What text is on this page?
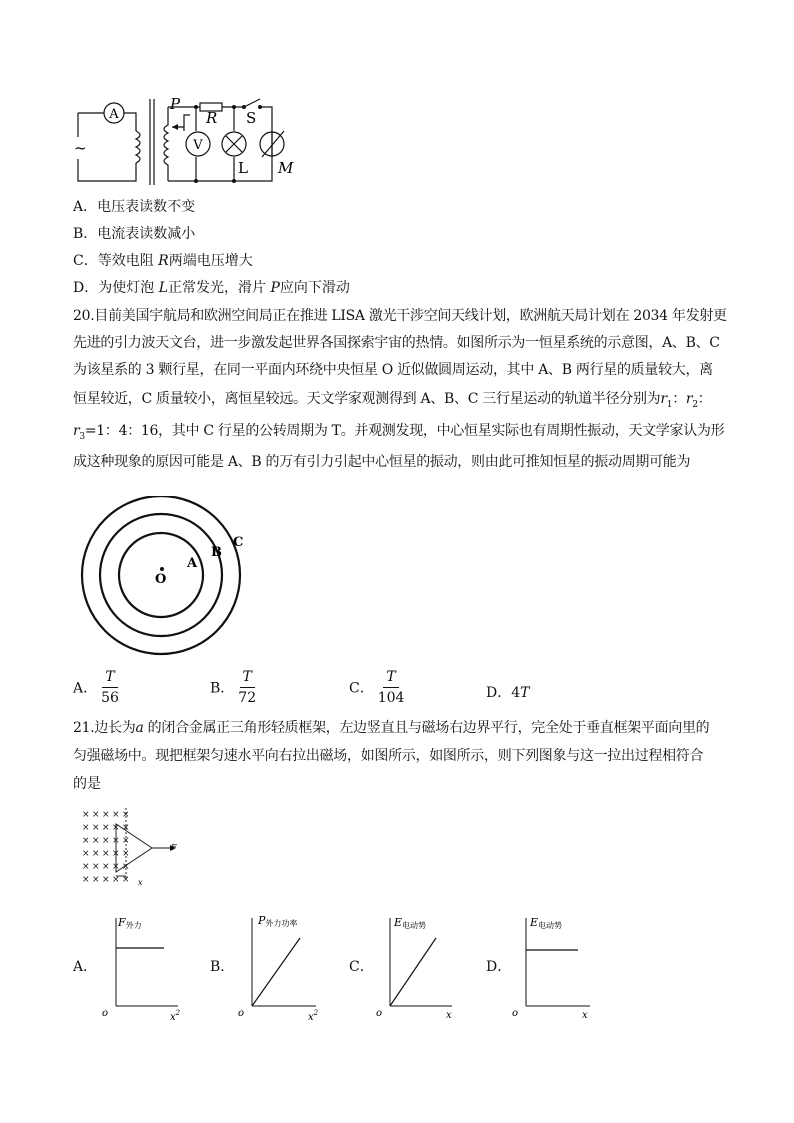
A
~
P
R S
V
L M
A．电压表读数不变
B．电流表读数减小
C．等效电阻 R两端电压增大
D．为使灯泡 L正常发光，滑片 P应向下滑动
20.目前美国宇航局和欧洲空间局正在推进 LISA 激光干涉空间天线计划，欧洲航天局计划在 2034 年发射更
先进的引力波天文台，进一步激发起世界各国探索宇宙的热情。如图所示为一恒星系统的示意图，A、B、C
为该星系的 3 颗行星，在同一平面内环绕中央恒星 O 近似做圆周运动，其中 A、B 两行星的质量较大，离
恒星较近，C 质量较小，离恒星较远。天文学家观测得到 A、B、C 三行星运动的轨道半径分别为$r_1$：$r_2$：
$r_3=1$：4：16，其中 C 行星的公转周期为 T。并观测发现，中心恒星实际也有周期性振动，天文学家认为形
成这种现象的原因可能是 A、B 的万有引力引起中心恒星的振动，则由此可推知恒星的振动周期可能为
O
A
B
C
A． $\frac{T}{56}$	B． $\frac{T}{72}$	C． $\frac{T}{104}$	D．4T
21.边长为a 的闭合金属正三角形轻质框架，左边竖直且与磁场右边界平行，完全处于垂直框架平面向里的
匀强磁场中。现把框架匀速水平向右拉出磁场，如图所示，如图所示，则下列图象与这一拉出过程相符合
的是
× × × × ×
× × × × ×
× × × × ×
× × × × ×
× × × × ×
× × × × ×
F
x
A．
F外力
o	$x^2$
B．
P外力功率
o	$x^2$
C．
E电动势
o	x
D．
E电动势
o	x
